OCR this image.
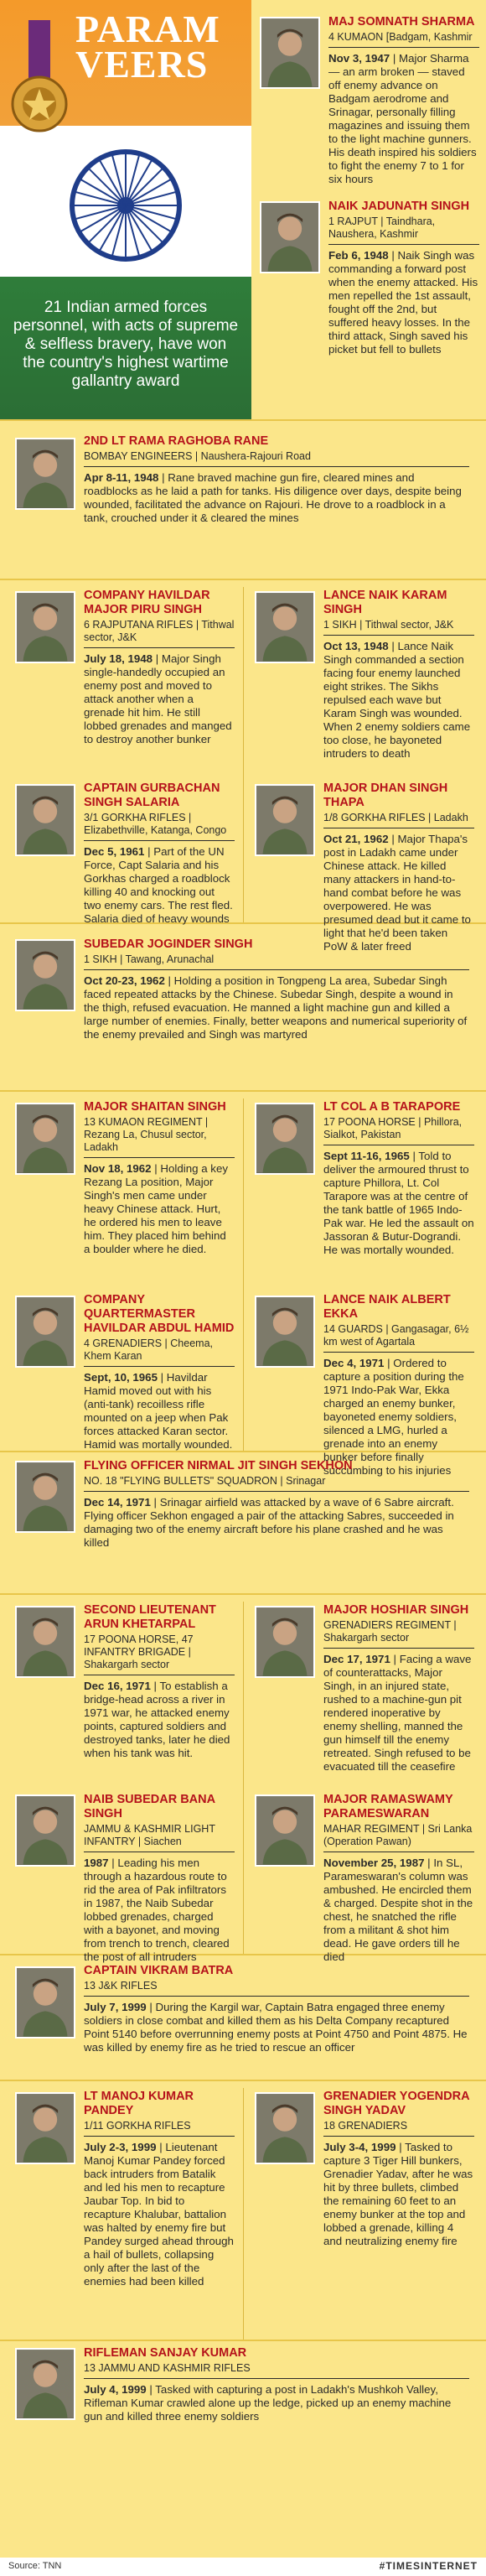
PARAM VEERS
21 Indian armed forces personnel, with acts of supreme & selfless bravery, have won the country's highest wartime gallantry award
MAJ SOMNATH SHARMA
4 KUMAON [Badgam, Kashmir
Nov 3, 1947 | Major Sharma — an arm broken — staved off enemy advance on Badgam aerodrome and Srinagar, personally filling magazines and issuing them to the light machine gunners. His death inspired his soldiers to fight the enemy 7 to 1 for six hours
NAIK JADUNATH SINGH
1 RAJPUT | Taindhara, Naushera, Kashmir
Feb 6, 1948 | Naik Singh was commanding a forward post when the enemy attacked. His men repelled the 1st assault, fought off the 2nd, but suffered heavy losses. In the third attack, Singh saved his picket but fell to bullets
2ND LT RAMA RAGHOBA RANE
BOMBAY ENGINEERS | Naushera-Rajouri Road
Apr 8-11, 1948 | Rane braved machine gun fire, cleared mines and roadblocks as he laid a path for tanks. His diligence over days, despite being wounded, facilitated the advance on Rajouri. He drove to a roadblock in a tank, crouched under it & cleared the mines
COMPANY HAVILDAR MAJOR PIRU SINGH
6 RAJPUTANA RIFLES | Tithwal sector, J&K
July 18, 1948 | Major Singh single-handedly occupied an enemy post and moved to attack another when a grenade hit him. He still lobbed grenades and manged to destroy another bunker
LANCE NAIK KARAM SINGH
1 SIKH | Tithwal sector, J&K
Oct 13, 1948 | Lance Naik Singh commanded a section facing four enemy launched eight strikes. The Sikhs repulsed each wave but Karam Singh was wounded. When 2 enemy soldiers came too close, he bayoneted intruders to death
CAPTAIN GURBACHAN SINGH SALARIA
3/1 GORKHA RIFLES | Elizabethville, Katanga, Congo
Dec 5, 1961 | Part of the UN Force, Capt Salaria and his Gorkhas charged a roadblock killing 40 and knocking out two enemy cars. The rest fled. Salaria died of heavy wounds
MAJOR DHAN SINGH THAPA
1/8 GORKHA RIFLES | Ladakh
Oct 21, 1962 | Major Thapa's post in Ladakh came under Chinese attack. He killed many attackers in hand-to-hand combat before he was overpowered. He was presumed dead but it came to light that he'd been taken PoW & later freed
SUBEDAR JOGINDER SINGH
1 SIKH | Tawang, Arunachal
Oct 20-23, 1962 | Holding a position in Tongpeng La area, Subedar Singh faced repeated attacks by the Chinese. Subedar Singh, despite a wound in the thigh, refused evacuation. He manned a light machine gun and killed a large number of enemies. Finally, better weapons and numerical superiority of the enemy prevailed and Singh was martyred
MAJOR SHAITAN SINGH
13 KUMAON REGIMENT | Rezang La, Chusul sector, Ladakh
Nov 18, 1962 | Holding a key Rezang La position, Major Singh's men came under heavy Chinese attack. Hurt, he ordered his men to leave him. They placed him behind a boulder where he died.
LT COL A B TARAPORE
17 POONA HORSE | Phillora, Sialkot, Pakistan
Sept 11-16, 1965 | Told to deliver the armoured thrust to capture Phillora, Lt. Col Tarapore was at the centre of the tank battle of 1965 Indo-Pak war. He led the assault on Jassoran & Butur-Dograndi. He was mortally wounded.
COMPANY QUARTERMASTER HAVILDAR ABDUL HAMID
4 GRENADIERS | Cheema, Khem Karan
Sept, 10, 1965 | Havildar Hamid moved out with his (anti-tank) recoilless rifle mounted on a jeep when Pak forces attacked Karan sector. Hamid was mortally wounded.
LANCE NAIK ALBERT EKKA
14 GUARDS | Gangasagar, 6½ km west of Agartala
Dec 4, 1971 | Ordered to capture a position during the 1971 Indo-Pak War, Ekka charged an enemy bunker, bayoneted enemy soldiers, silenced a LMG, hurled a grenade into an enemy bunker before finally succumbing to his injuries
FLYING OFFICER NIRMAL JIT SINGH SEKHON
NO. 18 "FLYING BULLETS" SQUADRON | Srinagar
Dec 14, 1971 | Srinagar airfield was attacked by a wave of 6 Sabre aircraft. Flying officer Sekhon engaged a pair of the attacking Sabres, succeeded in damaging two of the enemy aircraft before his plane crashed and he was killed
SECOND LIEUTENANT ARUN KHETARPAL
17 POONA HORSE, 47 INFANTRY BRIGADE | Shakargarh sector
Dec 16, 1971 | To establish a bridge-head across a river in 1971 war, he attacked enemy points, captured soldiers and destroyed tanks, later he died when his tank was hit.
MAJOR HOSHIAR SINGH
GRENADIERS REGIMENT | Shakargarh sector
Dec 17, 1971 | Facing a wave of counterattacks, Major Singh, in an injured state, rushed to a machine-gun pit rendered inoperative by enemy shelling, manned the gun himself till the enemy retreated. Singh refused to be evacuated till the ceasefire
NAIB SUBEDAR BANA SINGH
JAMMU & KASHMIR LIGHT INFANTRY | Siachen
1987 | Leading his men through a hazardous route to rid the area of Pak infiltrators in 1987, the Naib Subedar lobbed grenades, charged with a bayonet, and moving from trench to trench, cleared the post of all intruders
MAJOR RAMASWAMY PARAMESWARAN
MAHAR REGIMENT | Sri Lanka (Operation Pawan)
November 25, 1987 | In SL, Parameswaran's column was ambushed. He encircled them & charged. Despite shot in the chest, he snatched the rifle from a militant & shot him dead. He gave orders till he died
CAPTAIN VIKRAM BATRA
13 J&K RIFLES
July 7, 1999 | During the Kargil war, Captain Batra engaged three enemy soldiers in close combat and killed them as his Delta Company recaptured Point 5140 before overrunning enemy posts at Point 4750 and Point 4875. He was killed by enemy fire as he tried to rescue an officer
LT MANOJ KUMAR PANDEY
1/11 GORKHA RIFLES
July 2-3, 1999 | Lieutenant Manoj Kumar Pandey forced back intruders from Batalik and led his men to recapture Jaubar Top. In bid to recapture Khalubar, battalion was halted by enemy fire but Pandey surged ahead through a hail of bullets, collapsing only after the last of the enemies had been killed
GRENADIER YOGENDRA SINGH YADAV
18 GRENADIERS
July 3-4, 1999 | Tasked to capture 3 Tiger Hill bunkers, Grenadier Yadav, after he was hit by three bullets, climbed the remaining 60 feet to an enemy bunker at the top and lobbed a grenade, killing 4 and neutralizing enemy fire
RIFLEMAN SANJAY KUMAR
13 JAMMU AND KASHMIR RIFLES
July 4, 1999 | Tasked with capturing a post in Ladakh's Mushkoh Valley, Rifleman Kumar crawled alone up the ledge, picked up an enemy machine gun and killed three enemy soldiers
Source: TNN	#TIMESINTERNET
